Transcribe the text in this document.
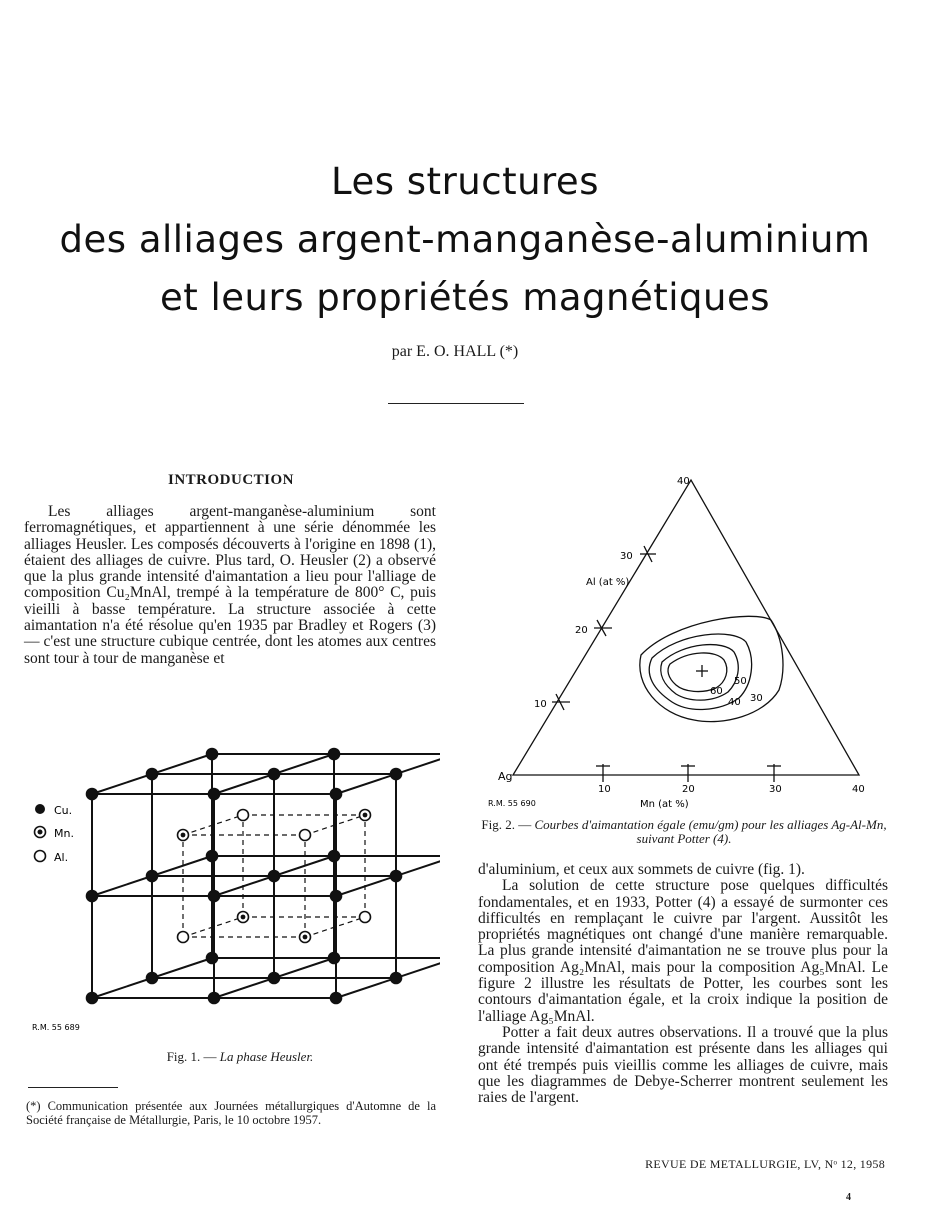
Les structures
des alliages argent-manganèse-aluminium
et leurs propriétés magnétiques
par E. O. HALL (*)
INTRODUCTION

Les alliages argent-manganèse-aluminium sont ferromagnétiques, et appartiennent à une série dénommée les alliages Heusler. Les composés découverts à l'origine en 1898 (1), étaient des alliages de cuivre. Plus tard, O. Heusler (2) a observé que la plus grande intensité d'aimantation a lieu pour l'alliage de composition Cu₂MnAl, trempé à la température de 800° C, puis vieilli à basse température. La structure associée à cette aimantation n'a été résolue qu'en 1935 par Bradley et Rogers (3) — c'est une structure cubique centrée, dont les atomes aux centres sont tour à tour de manganèse et

Cu.
Mn.
Al.
R.M. 55 689
Fig. 1. — La phase Heusler.
(*) Communication présentée aux Journées métallurgiques d'Automne de la Société française de Métallurgie, Paris, le 10 octobre 1957.
40
30
20
10
Al (at %)
Ag
10	20	30	40
Mn (at %)
30
40
50
60
R.M. 55 690
Fig. 2. — Courbes d'aimantation égale (emu/gm) pour les alliages Ag-Al-Mn, suivant Potter (4).

d'aluminium, et ceux aux sommets de cuivre (fig. 1).

La solution de cette structure pose quelques difficultés fondamentales, et en 1933, Potter (4) a essayé de surmonter ces difficultés en remplaçant le cuivre par l'argent. Aussitôt les propriétés magnétiques ont changé d'une manière remarquable. La plus grande intensité d'aimantation ne se trouve plus pour la composition Ag₂MnAl, mais pour la composition Ag₅MnAl. Le figure 2 illustre les résultats de Potter, les courbes sont les contours d'aimantation égale, et la croix indique la position de l'alliage Ag₅MnAl.

Potter a fait deux autres observations. Il a trouvé que la plus grande intensité d'aimantation est présente dans les alliages qui ont été trempés puis vieillis comme les alliages de cuivre, mais que les diagrammes de Debye-Scherrer montrent seulement les raies de l'argent.

REVUE DE METALLURGIE, LV, Nᵒ 12, 1958
4
